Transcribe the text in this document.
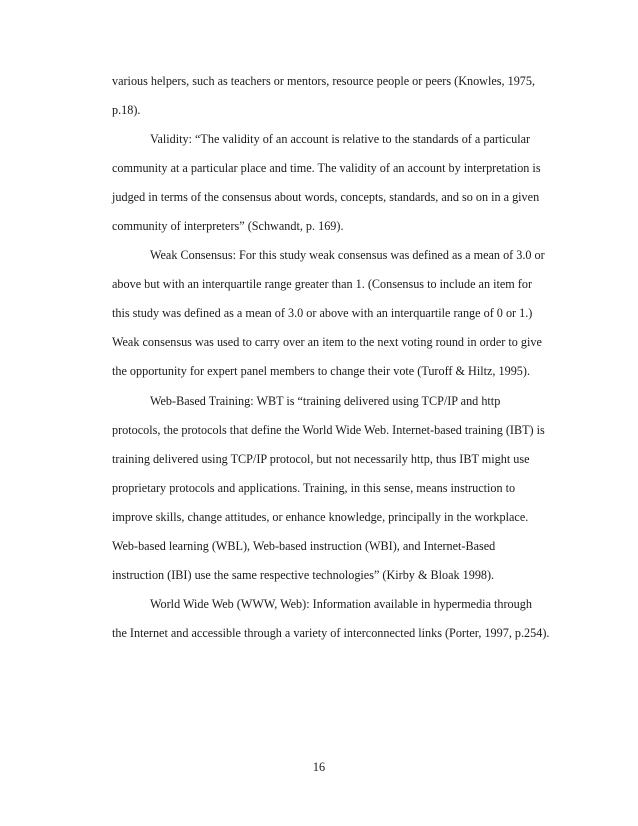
various helpers, such as teachers or mentors, resource people or peers (Knowles, 1975,
p.18).
Validity: “The validity of an account is relative to the standards of a particular
community at a particular place and time. The validity of an account by interpretation is
judged in terms of the consensus about words, concepts, standards, and so on in a given
community of interpreters” (Schwandt, p. 169).
Weak Consensus: For this study weak consensus was defined as a mean of 3.0 or
above but with an interquartile range greater than 1. (Consensus to include an item for
this study was defined as a mean of 3.0 or above with an interquartile range of 0 or 1.)
Weak consensus was used to carry over an item to the next voting round in order to give
the opportunity for expert panel members to change their vote (Turoff & Hiltz, 1995).
Web-Based Training: WBT is “training delivered using TCP/IP and http
protocols, the protocols that define the World Wide Web. Internet-based training (IBT) is
training delivered using TCP/IP protocol, but not necessarily http, thus IBT might use
proprietary protocols and applications. Training, in this sense, means instruction to
improve skills, change attitudes, or enhance knowledge, principally in the workplace.
Web-based learning (WBL), Web-based instruction (WBI), and Internet-Based
instruction (IBI) use the same respective technologies” (Kirby & Bloak 1998).
World Wide Web (WWW, Web): Information available in hypermedia through
the Internet and accessible through a variety of interconnected links (Porter, 1997, p.254).
16
